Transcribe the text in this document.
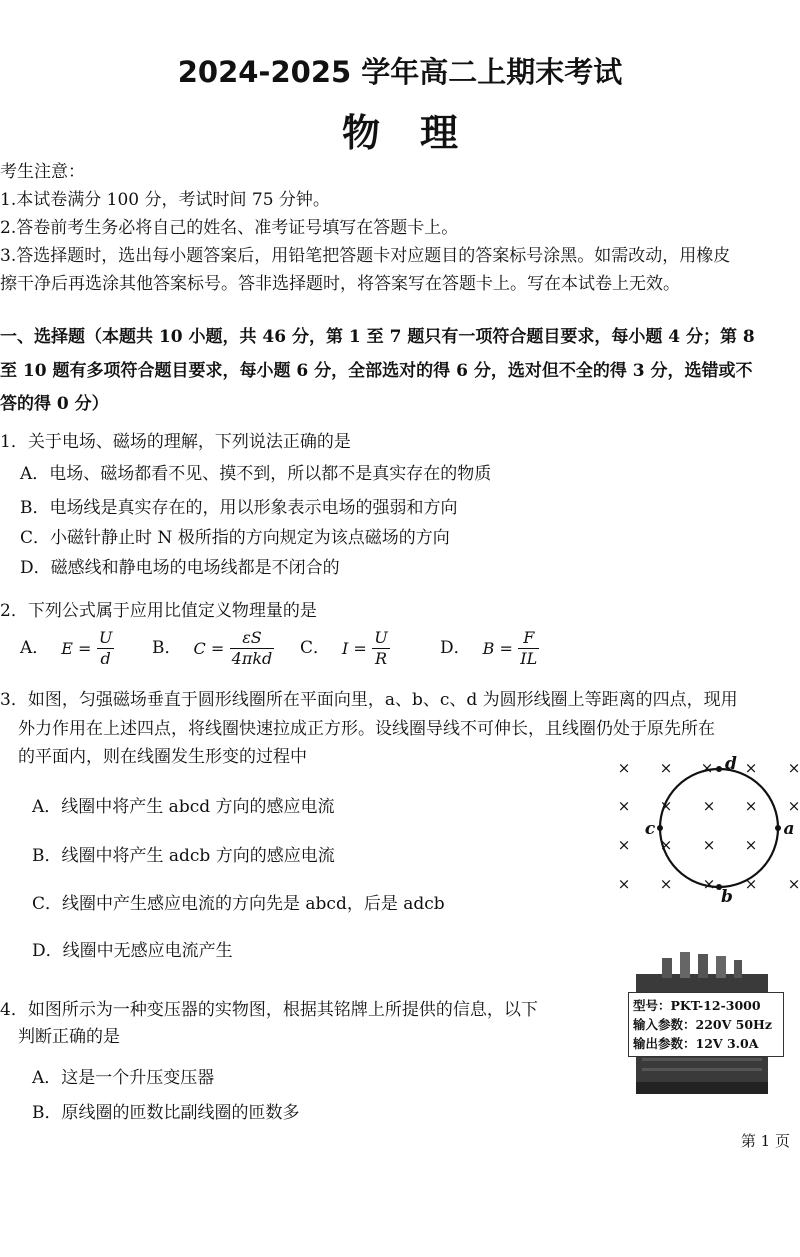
2024-2025 学年高二上期末考试
物理
考生注意：
1.本试卷满分 100 分，考试时间 75 分钟。
2.答卷前考生务必将自己的姓名、准考证号填写在答题卡上。
3.答选择题时，选出每小题答案后，用铅笔把答题卡对应题目的答案标号涂黑。如需改动，用橡皮
擦干净后再选涂其他答案标号。答非选择题时，将答案写在答题卡上。写在本试卷上无效。
一、选择题（本题共 10 小题，共 46 分，第 1 至 7 题只有一项符合题目要求，每小题 4 分；第 8
至 10 题有多项符合题目要求，每小题 6 分，全部选对的得 6 分，选对但不全的得 3 分，选错或不
答的得 0 分）
1．关于电场、磁场的理解，下列说法正确的是
A．电场、磁场都看不见、摸不到，所以都不是真实存在的物质
B．电场线是真实存在的，用以形象表示电场的强弱和方向
C．小磁针静止时 N 极所指的方向规定为该点磁场的方向
D．磁感线和静电场的电场线都是不闭合的
2．下列公式属于应用比值定义物理量的是
A． $E = \frac{U}{d}$ B． $C = \frac{\varepsilon S}{\text{4πkd}}$ C． $I = \frac{U}{R}$	D． $B = \frac{F}{IL}$
3．如图，匀强磁场垂直于圆形线圈所在平面向里，a、b、c、d 为圆形线圈上等距离的四点，现用
外力作用在上述四点，将线圈快速拉成正方形。设线圈导线不可伸长，且线圈仍处于原先所在
的平面内，则在线圈发生形变的过程中
A．线圈中将产生 abcd 方向的感应电流
B．线圈中将产生 adcb 方向的感应电流
C．线圈中产生感应电流的方向先是 abcd，后是 adcb
D．线圈中无感应电流产生
× × × × ×
× × × × ×
× × × ×
× × × × ×
a
b
c
d
4．如图所示为一种变压器的实物图，根据其铭牌上所提供的信息，以下
判断正确的是
A．这是一个升压变压器
B．原线圈的匝数比副线圈的匝数多
型号：PKT-12-3000
输入参数：220V 50Hz
输出参数：12V 3.0A
第 1 页
